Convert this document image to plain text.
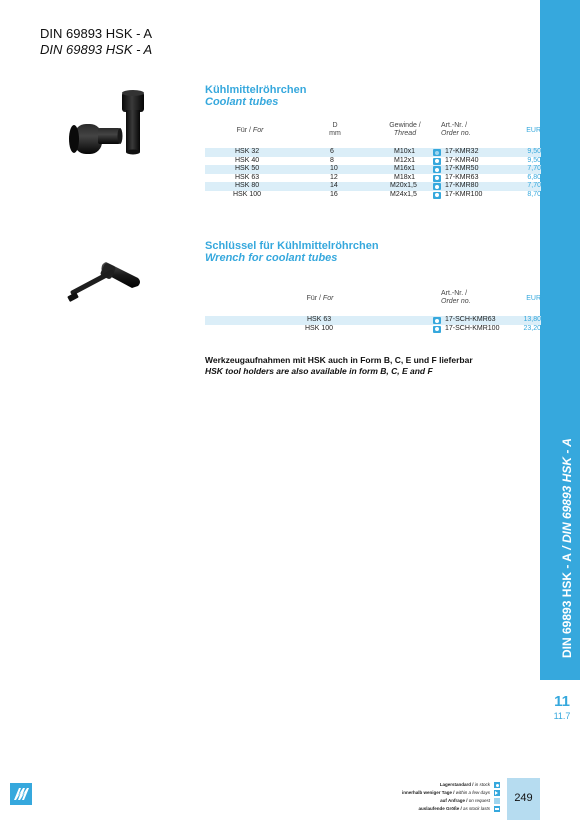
DIN 69893 HSK - A
DIN 69893 HSK - A
DIN 69893 HSK - A / DIN 69893 HSK - A
11
11.7
Kühlmittelröhrchen
Coolant tubes
Für / For
D
mm
Gewinde /
Thread
Art.-Nr. /
Order no.	EUR
HSK 32	6	M10x1	17-KMR32	9,50
HSK 40	8	M12x1	17-KMR40	9,50
HSK 50	10	M16x1	17-KMR50	7,70
HSK 63	12	M18x1	17-KMR63	6,80
HSK 80	14	M20x1,5	17-KMR80	7,70
HSK 100	16	M24x1,5	17-KMR100	8,70
Schlüssel für Kühlmittelröhrchen
Wrench for coolant tubes
Für / For
Art.-Nr. /
Order no.	EUR
HSK 63	17-SCH-KMR63	13,80
HSK 100	17-SCH-KMR100	23,20
Werkzeugaufnahmen mit HSK auch in Form B, C, E und F lieferbar
HSK tool holders are also available in form B, C, E and F
Lagerstandard / in stock
innerhalb weniger Tage / within a few days
auf Anfrage / on request
auslaufende Größe / as stock lasts
249
